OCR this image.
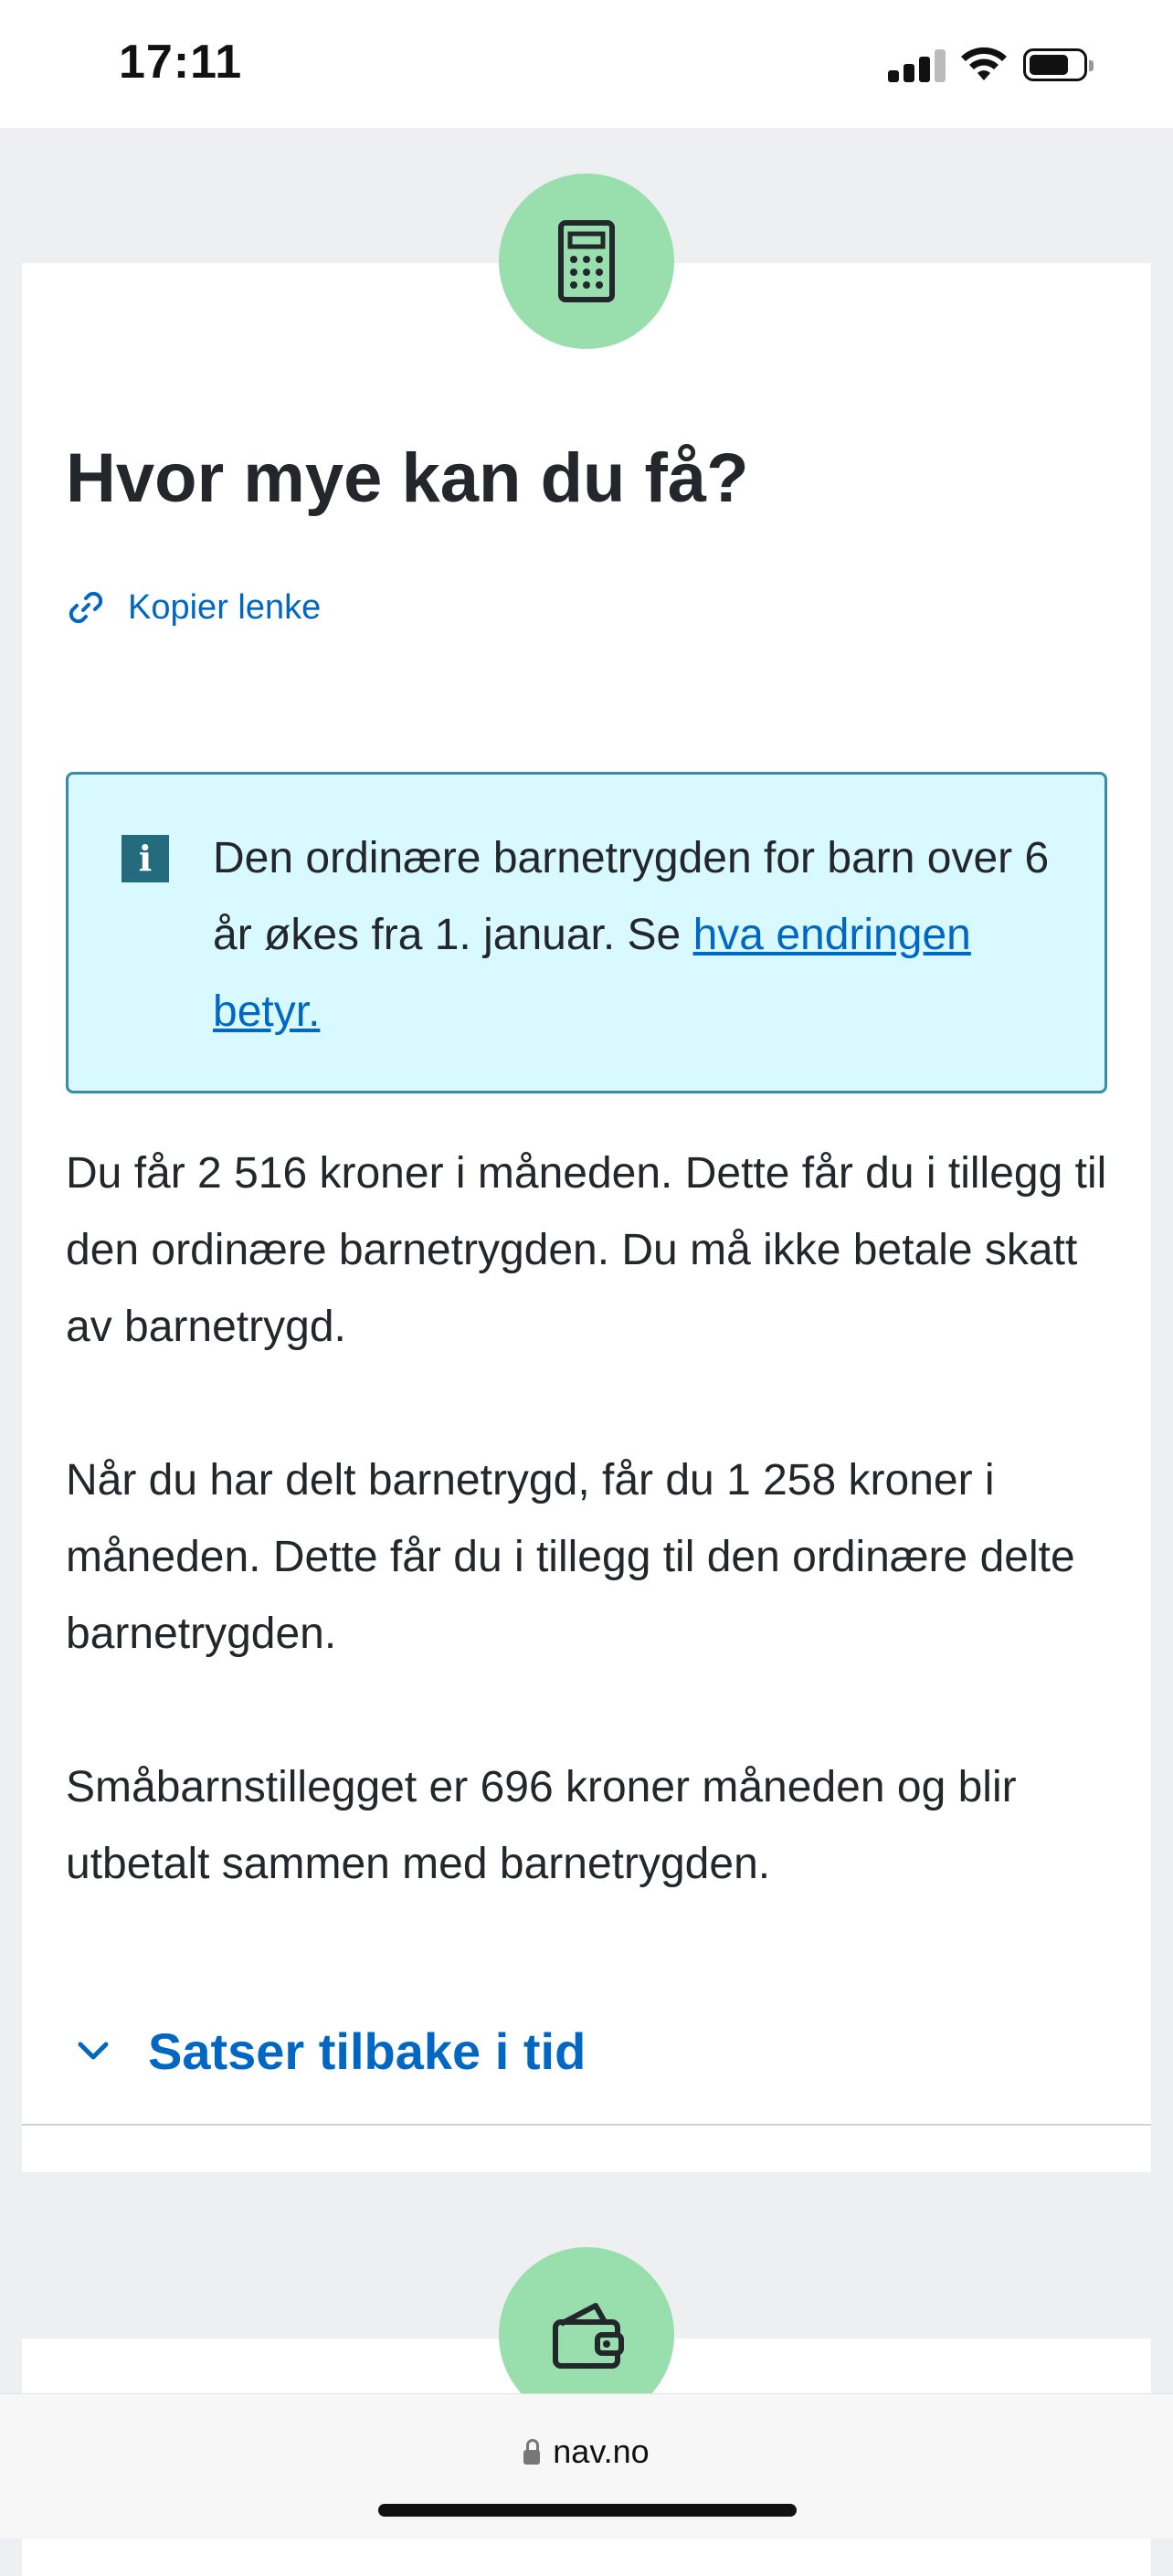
17:11
Hvor mye kan du få?
Kopier lenke
i	Den ordinære barnetrygden for barn over 6 år økes fra 1. januar. Se hva endringen betyr.

Du får 2 516 kroner i måneden. Dette får du i tillegg til den ordinære barnetrygden. Du må ikke betale skatt av barnetrygd.

Når du har delt barnetrygd, får du 1 258 kroner i måneden. Dette får du i tillegg til den ordinære delte barnetrygden.

Småbarnstillegget er 696 kroner måneden og blir utbetalt sammen med barnetrygden.

Satser tilbake i tid
nav.no
